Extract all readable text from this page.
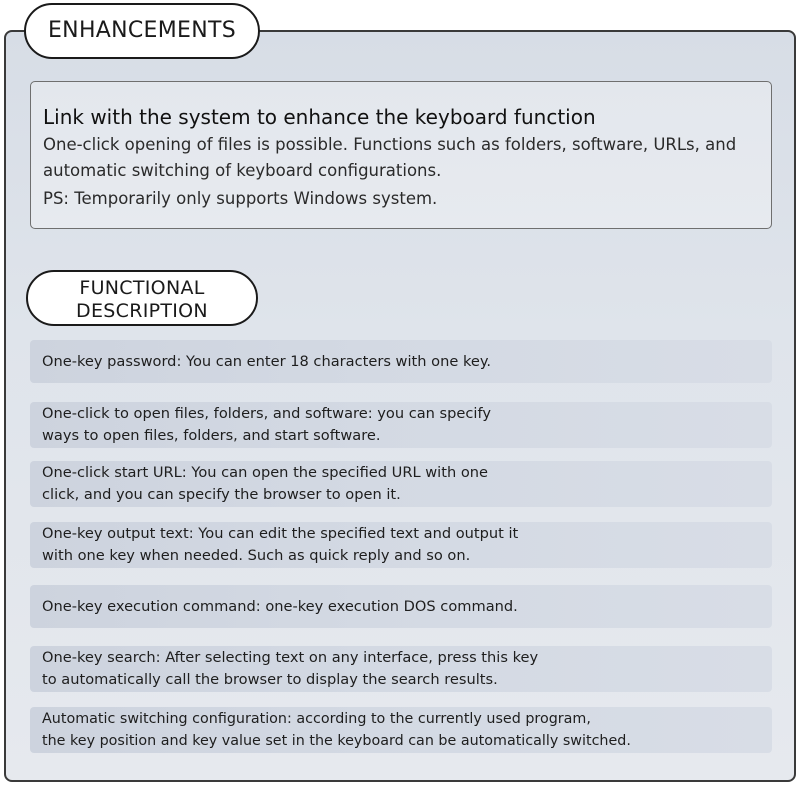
ENHANCEMENTS

Link with the system to enhance the keyboard function

One-click opening of files is possible. Functions such as folders, software, URLs, and automatic switching of keyboard configurations.

PS: Temporarily only supports Windows system.

FUNCTIONAL
DESCRIPTION
One-key password: You can enter 18 characters with one key.
One-click to open files, folders, and software: you can specify
ways to open files, folders, and start software.
One-click start URL: You can open the specified URL with one
click, and you can specify the browser to open it.
One-key output text: You can edit the specified text and output it
with one key when needed. Such as quick reply and so on.
One-key execution command: one-key execution DOS command.
One-key search: After selecting text on any interface, press this key
to automatically call the browser to display the search results.
Automatic switching configuration: according to the currently used program,
the key position and key value set in the keyboard can be automatically switched.
